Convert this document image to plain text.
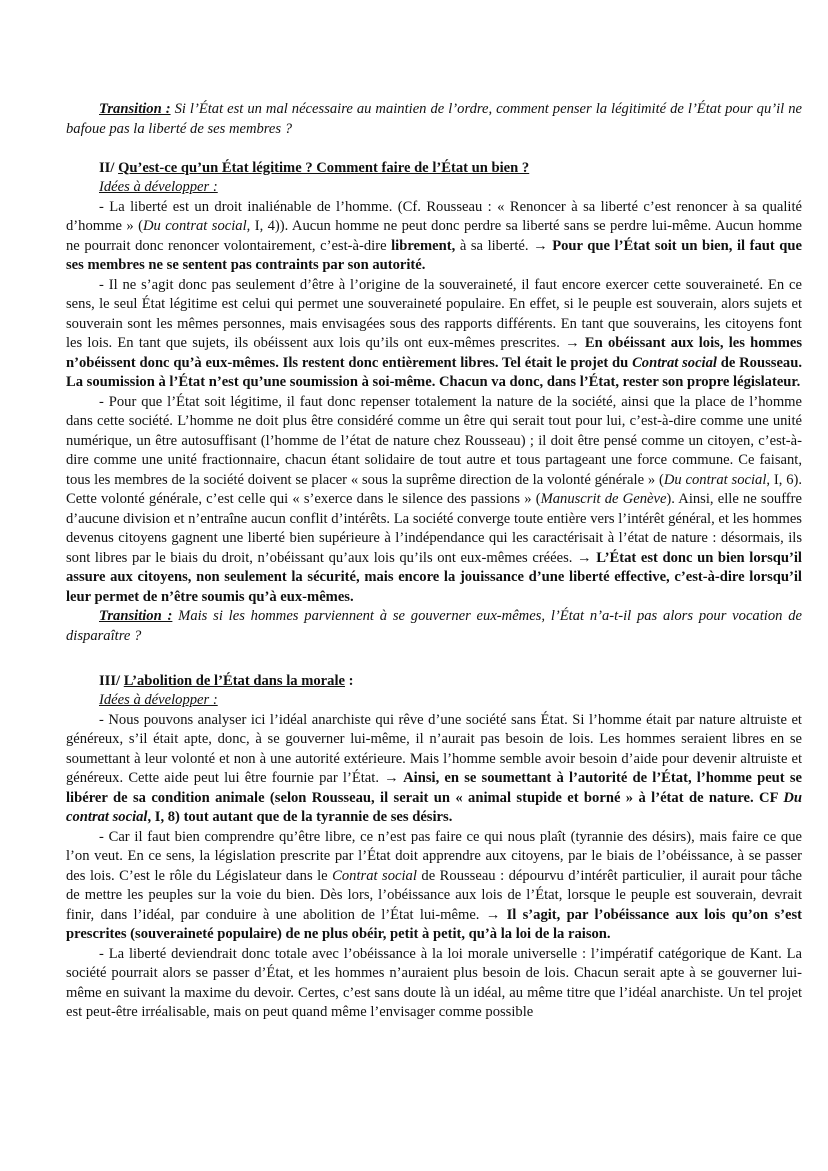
Transition : Si l’État est un mal nécessaire au maintien de l’ordre, comment penser la légitimité de l’État pour qu’il ne bafoue pas la liberté de ses membres ?

II/ Qu’est-ce qu’un État légitime ? Comment faire de l’État un bien ?

Idées à développer :

- La liberté est un droit inaliénable de l’homme. (Cf. Rousseau : « Renoncer à sa liberté c’est renoncer à sa qualité d’homme » (Du contrat social, I, 4)). Aucun homme ne peut donc perdre sa liberté sans se perdre lui-même. Aucun homme ne pourrait donc renoncer volontairement, c’est-à-dire librement, à sa liberté. → Pour que l’État soit un bien, il faut que ses membres ne se sentent pas contraints par son autorité.

- Il ne s’agit donc pas seulement d’être à l’origine de la souveraineté, il faut encore exercer cette souveraineté. En ce sens, le seul État légitime est celui qui permet une souveraineté populaire. En effet, si le peuple est souverain, alors sujets et souverain sont les mêmes personnes, mais envisagées sous des rapports différents. En tant que souverains, les citoyens font les lois. En tant que sujets, ils obéissent aux lois qu’ils ont eux-mêmes prescrites. → En obéissant aux lois, les hommes n’obéissent donc qu’à eux-mêmes. Ils restent donc entièrement libres. Tel était le projet du Contrat social de Rousseau. La soumission à l’État n’est qu’une soumission à soi-même. Chacun va donc, dans l’État, rester son propre législateur.

- Pour que l’État soit légitime, il faut donc repenser totalement la nature de la société, ainsi que la place de l’homme dans cette société. L’homme ne doit plus être considéré comme un être qui serait tout pour lui, c’est-à-dire comme une unité numérique, un être autosuffisant (l’homme de l’état de nature chez Rousseau) ; il doit être pensé comme un citoyen, c’est-à-dire comme une unité fractionnaire, chacun étant solidaire de tout autre et tous partageant une force commune. Ce faisant, tous les membres de la société doivent se placer « sous la suprême direction de la volonté générale » (Du contrat social, I, 6). Cette volonté générale, c’est celle qui « s’exerce dans le silence des passions » (Manuscrit de Genève). Ainsi, elle ne souffre d’aucune division et n’entraîne aucun conflit d’intérêts. La société converge toute entière vers l’intérêt général, et les hommes devenus citoyens gagnent une liberté bien supérieure à l’indépendance qui les caractérisait à l’état de nature : désormais, ils sont libres par le biais du droit, n’obéissant qu’aux lois qu’ils ont eux-mêmes créées. → L’État est donc un bien lorsqu’il assure aux citoyens, non seulement la sécurité, mais encore la jouissance d’une liberté effective, c’est-à-dire lorsqu’il leur permet de n’être soumis qu’à eux-mêmes.

Transition : Mais si les hommes parviennent à se gouverner eux-mêmes, l’État n’a-t-il pas alors pour vocation de disparaître ?

III/ L’abolition de l’État dans la morale :

Idées à développer :

- Nous pouvons analyser ici l’idéal anarchiste qui rêve d’une société sans État. Si l’homme était par nature altruiste et généreux, s’il était apte, donc, à se gouverner lui-même, il n’aurait pas besoin de lois. Les hommes seraient libres en se soumettant à leur volonté et non à une autorité extérieure. Mais l’homme semble avoir besoin d’aide pour devenir altruiste et généreux. Cette aide peut lui être fournie par l’État. → Ainsi, en se soumettant à l’autorité de l’État, l’homme peut se libérer de sa condition animale (selon Rousseau, il serait un « animal stupide et borné » à l’état de nature. CF Du contrat social, I, 8) tout autant que de la tyrannie de ses désirs.

- Car il faut bien comprendre qu’être libre, ce n’est pas faire ce qui nous plaît (tyrannie des désirs), mais faire ce que l’on veut. En ce sens, la législation prescrite par l’État doit apprendre aux citoyens, par le biais de l’obéissance, à se passer des lois. C’est le rôle du Législateur dans le Contrat social de Rousseau : dépourvu d’intérêt particulier, il aurait pour tâche de mettre les peuples sur la voie du bien. Dès lors, l’obéissance aux lois de l’État, lorsque le peuple est souverain, devrait finir, dans l’idéal, par conduire à une abolition de l’État lui-même. → Il s’agit, par l’obéissance aux lois qu’on s’est prescrites (souveraineté populaire) de ne plus obéir, petit à petit, qu’à la loi de la raison.

- La liberté deviendrait donc totale avec l’obéissance à la loi morale universelle : l’impératif catégorique de Kant. La société pourrait alors se passer d’État, et les hommes n’auraient plus besoin de lois. Chacun serait apte à se gouverner lui-même en suivant la maxime du devoir. Certes, c’est sans doute là un idéal, au même titre que l’idéal anarchiste. Un tel projet est peut-être irréalisable, mais on peut quand même l’envisager comme possible
